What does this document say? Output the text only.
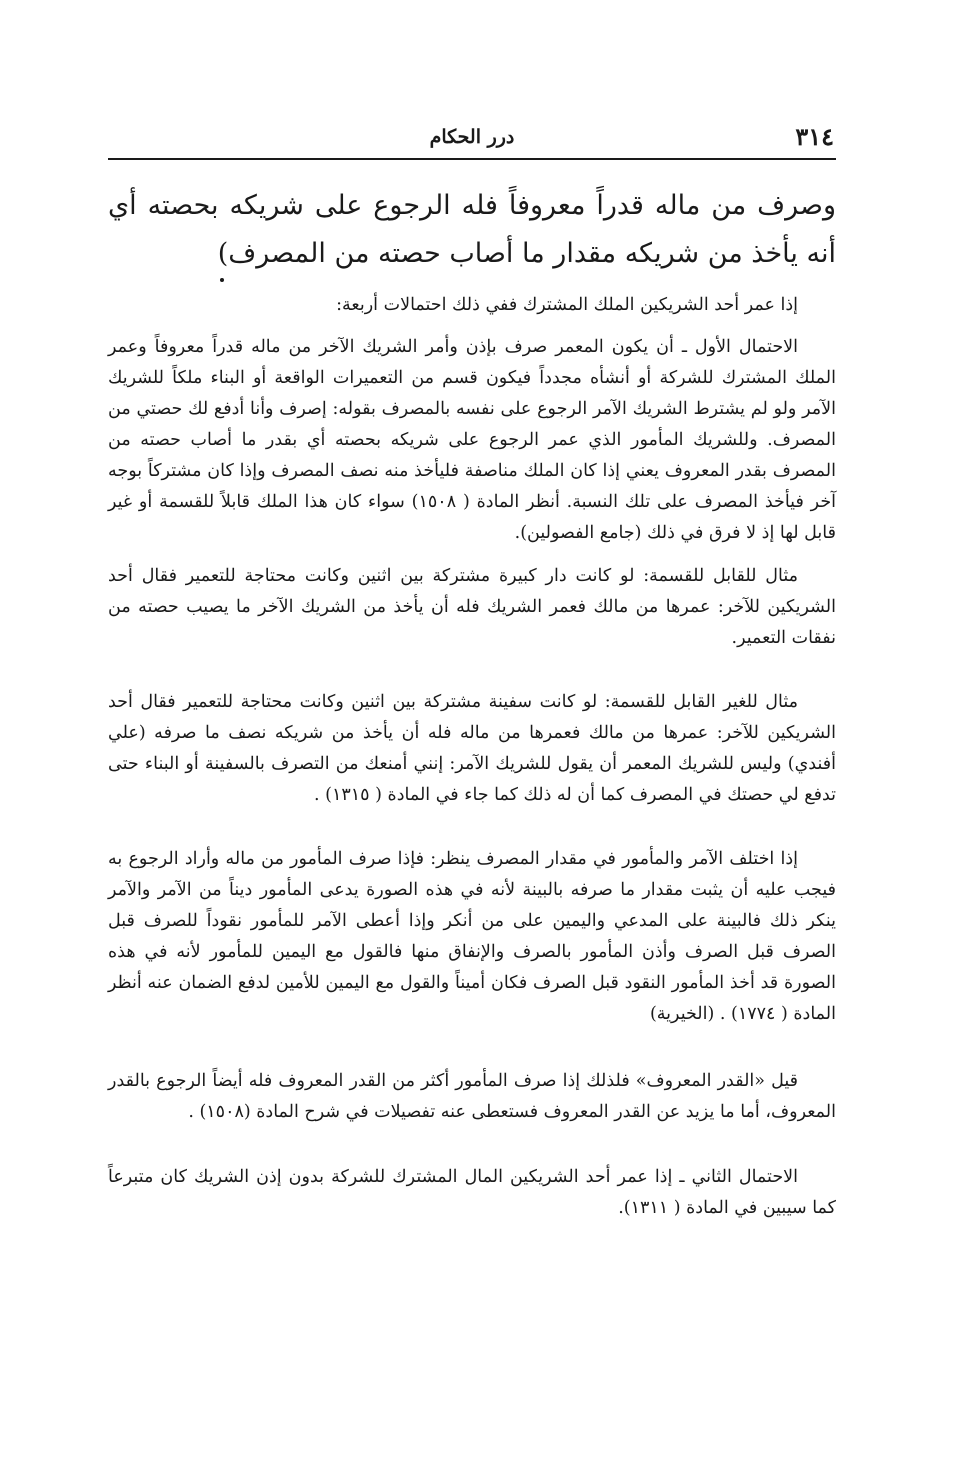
٣١٤
درر الحكام
وصرف من ماله قدراً معروفاً فله الرجوع على شريكه بحصته أي أنه يأخذ من شريكه مقدار ما أصاب حصته من المصرف)

إذا عمر أحد الشريكين الملك المشترك ففي ذلك احتمالات أربعة:

الاحتمال الأول ـ أن يكون المعمر صرف بإذن وأمر الشريك الآخر من ماله قدراً معروفاً وعمر الملك المشترك للشركة أو أنشأه مجدداً فيكون قسم من التعميرات الواقعة أو البناء ملكاً للشريك الآمر ولو لم يشترط الشريك الآمر الرجوع على نفسه بالمصرف بقوله: إصرف وأنا أدفع لك حصتي من المصرف. وللشريك المأمور الذي عمر الرجوع على شريكه بحصته أي بقدر ما أصاب حصته من المصرف بقدر المعروف يعني إذا كان الملك مناصفة فليأخذ منه نصف المصرف وإذا كان مشتركاً بوجه آخر فيأخذ المصرف على تلك النسبة. أنظر المادة ( ١٥٠٨) سواء كان هذا الملك قابلاً للقسمة أو غير قابل لها إذ لا فرق في ذلك (جامع الفصولين).

مثال للقابل للقسمة: لو كانت دار كبيرة مشتركة بين اثنين وكانت محتاجة للتعمير فقال أحد الشريكين للآخر: عمرها من مالك فعمر الشريك فله أن يأخذ من الشريك الآخر ما يصيب حصته من نفقات التعمير.

مثال للغير القابل للقسمة: لو كانت سفينة مشتركة بين اثنين وكانت محتاجة للتعمير فقال أحد الشريكين للآخر: عمرها من مالك فعمرها من ماله فله أن يأخذ من شريكه نصف ما صرفه (علي أفندي) وليس للشريك المعمر أن يقول للشريك الآمر: إنني أمنعك من التصرف بالسفينة أو البناء حتى تدفع لي حصتك في المصرف كما أن له ذلك كما جاء في المادة ( ١٣١٥) .

إذا اختلف الآمر والمأمور في مقدار المصرف ينظر: فإذا صرف المأمور من ماله وأراد الرجوع به فيجب عليه أن يثبت مقدار ما صرفه بالبينة لأنه في هذه الصورة يدعى المأمور ديناً من الآمر والآمر ينكر ذلك فالبينة على المدعي واليمين على من أنكر وإذا أعطى الآمر للمأمور نقوداً للصرف قبل الصرف قبل الصرف وأذن المأمور بالصرف والإنفاق منها فالقول مع اليمين للمأمور لأنه في هذه الصورة قد أخذ المأمور النقود قبل الصرف فكان أميناً والقول مع اليمين للأمين لدفع الضمان عنه أنظر المادة ( ١٧٧٤) . (الخيرية)

قيل «القدر المعروف» فلذلك إذا صرف المأمور أكثر من القدر المعروف فله أيضاً الرجوع بالقدر المعروف، أما ما يزيد عن القدر المعروف فستعطى عنه تفصيلات في شرح المادة (١٥٠٨) .

الاحتمال الثاني ـ إذا عمر أحد الشريكين المال المشترك للشركة بدون إذن الشريك كان متبرعاً كما سيبين في المادة ( ١٣١١).
